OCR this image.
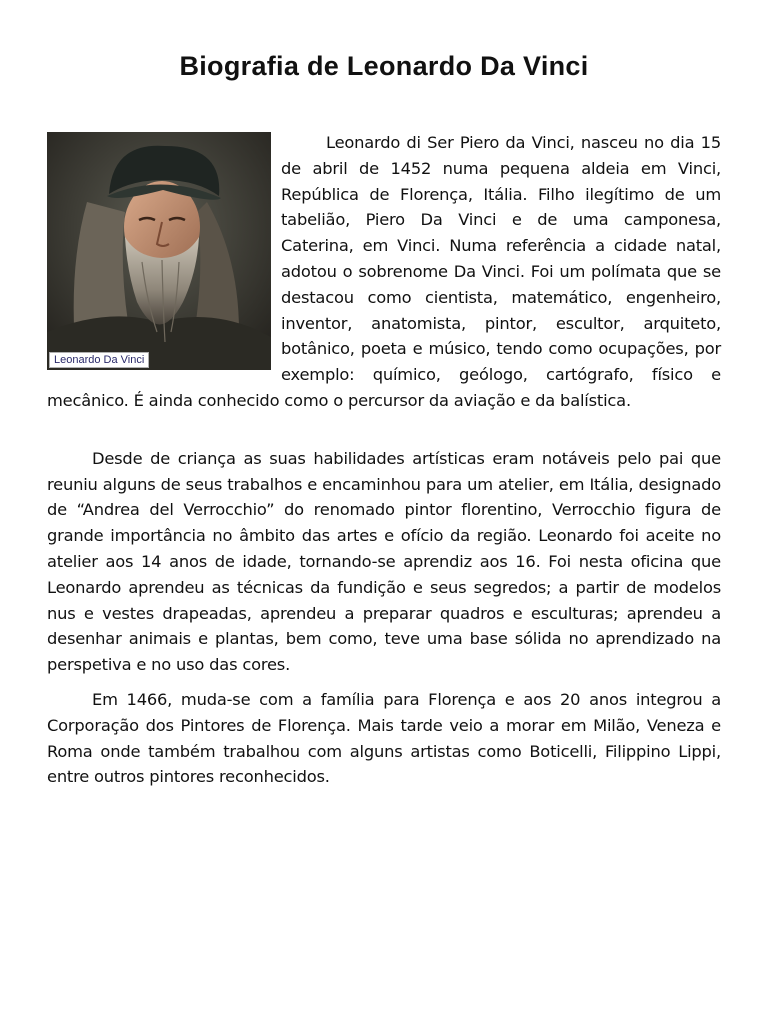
Biografia de Leonardo Da Vinci
Leonardo Da Vinci

Leonardo di Ser Piero da Vinci, nasceu no dia 15 de abril de 1452 numa pequena aldeia em Vinci, República de Florença, Itália. Filho ilegítimo de um tabelião, Piero Da Vinci e de uma camponesa, Caterina, em Vinci. Numa referência a cidade natal, adotou o sobrenome Da Vinci. Foi um polímata que se destacou como cientista, matemático, engenheiro, inventor, anatomista, pintor, escultor, arquiteto, botânico, poeta e músico, tendo como ocupações, por exemplo: químico, geólogo, cartógrafo, físico e mecânico. É ainda conhecido como o percursor da aviação e da balística.

Desde de criança as suas habilidades artísticas eram notáveis pelo pai que reuniu alguns de seus trabalhos e encaminhou para um atelier, em Itália, designado de “Andrea del Verrocchio” do renomado pintor florentino, Verrocchio figura de grande importância no âmbito das artes e ofício da região. Leonardo foi aceite no atelier aos 14 anos de idade, tornando-se aprendiz aos 16. Foi nesta oficina que Leonardo aprendeu as técnicas da fundição e seus segredos; a partir de modelos nus e vestes drapeadas, aprendeu a preparar quadros e esculturas; aprendeu a desenhar animais e plantas, bem como, teve uma base sólida no aprendizado na perspetiva e no uso das cores.

Em 1466, muda-se com a família para Florença e aos 20 anos integrou a Corporação dos Pintores de Florença. Mais tarde veio a morar em Milão, Veneza e Roma onde também trabalhou com alguns artistas como Boticelli, Filippino Lippi, entre outros pintores reconhecidos.
